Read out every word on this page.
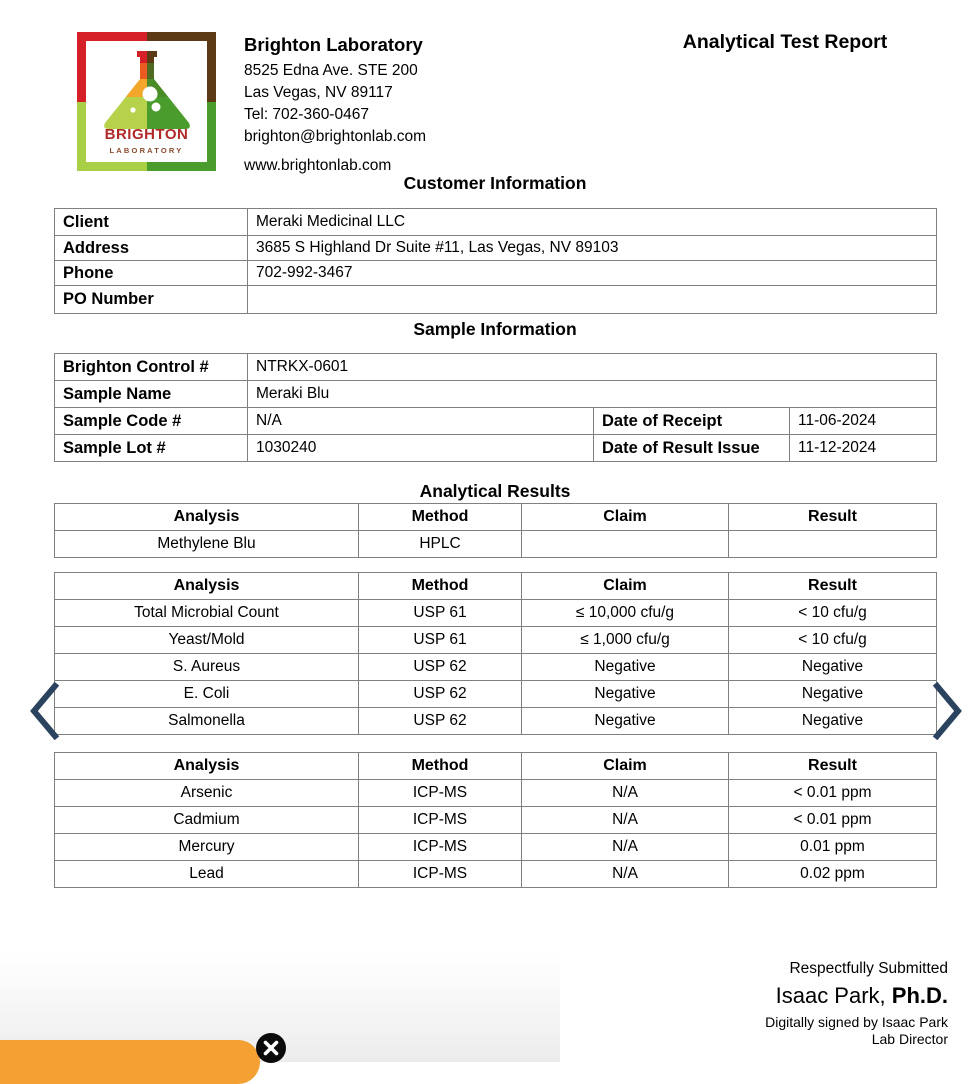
BRIGHTON
LABORATORY
Brighton Laboratory
8525 Edna Ave. STE 200
Las Vegas, NV 89117
Tel: 702-360-0467
brighton@brightonlab.com
www.brightonlab.com
Analytical Test Report
Customer Information
Client	Meraki Medicinal LLC
Address	3685 S Highland Dr Suite #11, Las Vegas, NV 89103
Phone	702-992-3467
PO Number	
Sample Information
Brighton Control #	NTRKX-0601		
Sample Name	Meraki Blu		
Sample Code #	N/A	Date of Receipt	11-06-2024
Sample Lot #	1030240	Date of Result Issue	11-12-2024
Analytical Results
Analysis	Method	Claim	Result
Methylene Blu	HPLC		
Analysis	Method	Claim	Result
Total Microbial Count	USP 61	≤ 10,000 cfu/g	< 10 cfu/g
Yeast/Mold	USP 61	≤ 1,000 cfu/g	< 10 cfu/g
S. Aureus	USP 62	Negative	Negative
E. Coli	USP 62	Negative	Negative
Salmonella	USP 62	Negative	Negative
Analysis	Method	Claim	Result
Arsenic	ICP-MS	N/A	< 0.01 ppm
Cadmium	ICP-MS	N/A	< 0.01 ppm
Mercury	ICP-MS	N/A	0.01 ppm
Lead	ICP-MS	N/A	0.02 ppm
Respectfully Submitted
Isaac Park, Ph.D.
Digitally signed by Isaac Park
Lab Director
